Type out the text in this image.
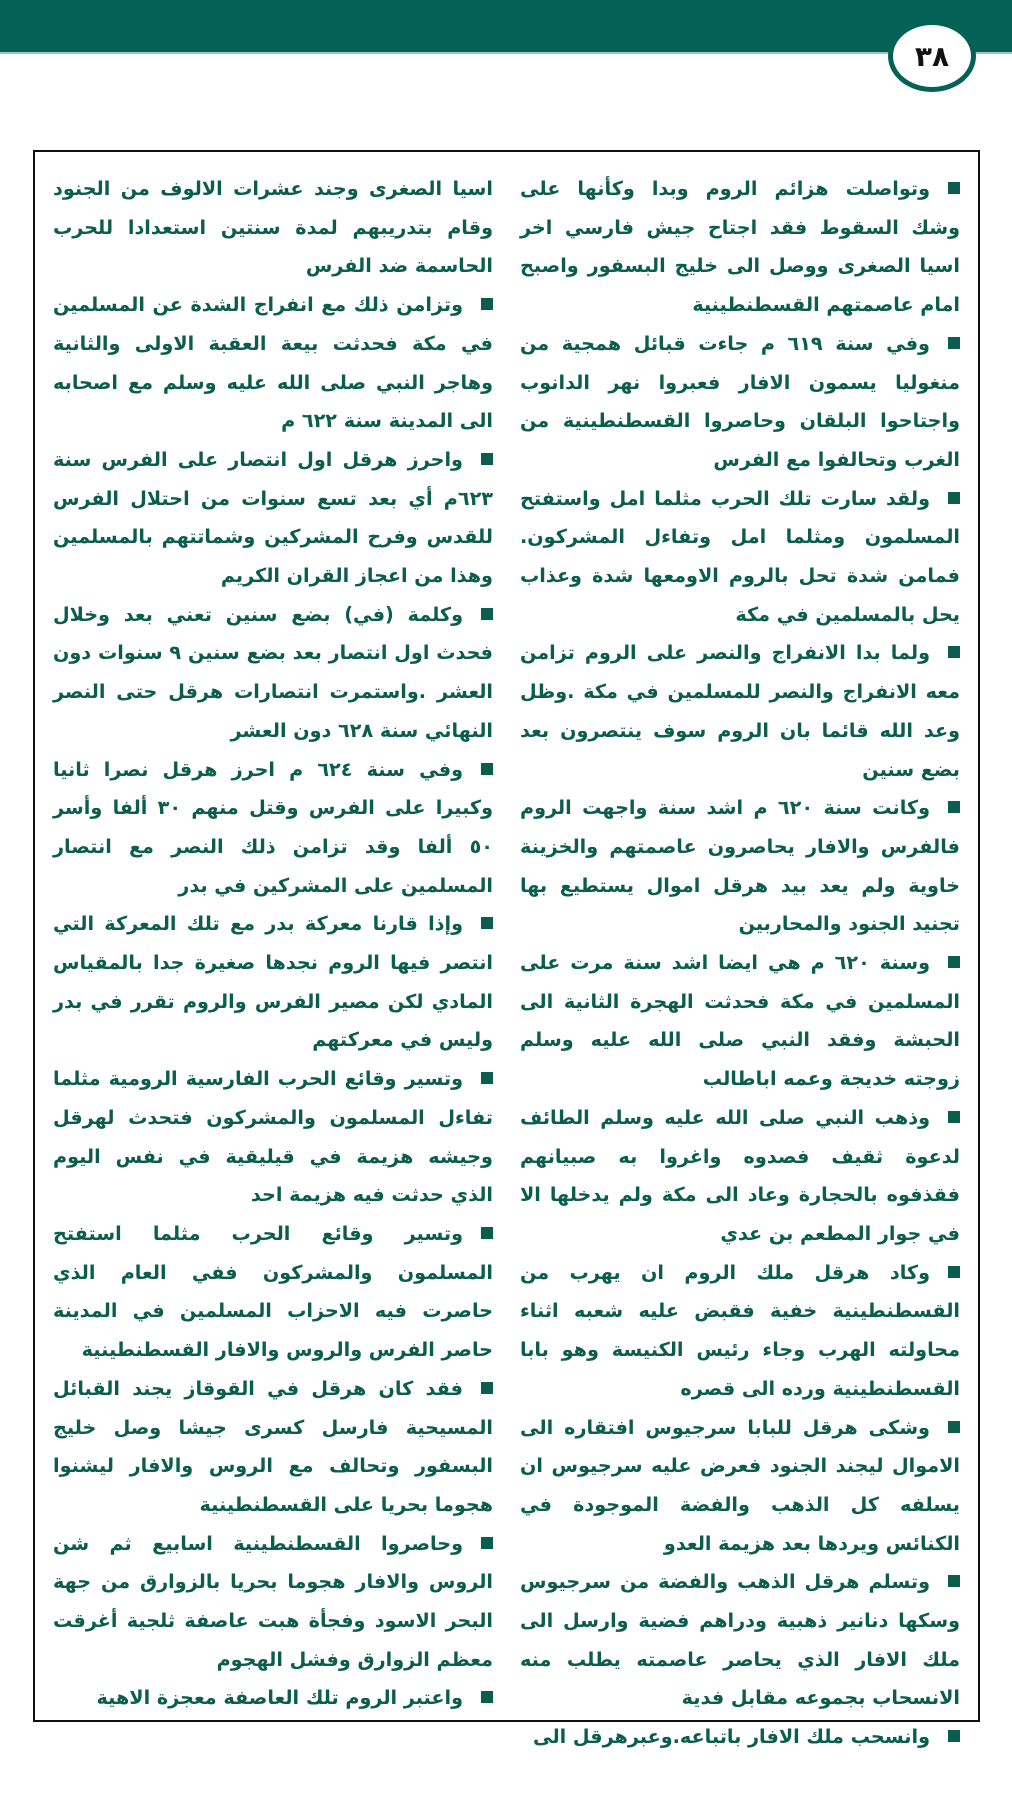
٣٨

وتواصلت هزائم الروم وبدا وكأنها على وشك السقوط فقد اجتاح جيش فارسي اخر اسيا الصغرى ووصل الى خليج البسفور واصبح امام عاصمتهم القسطنطينية

وفي سنة ٦١٩ م جاءت قبائل همجية من منغوليا يسمون الافار فعبروا نهر الدانوب واجتاحوا البلقان وحاصروا القسطنطينية من الغرب وتحالفوا مع الفرس

ولقد سارت تلك الحرب مثلما امل واستفتح المسلمون ومثلما امل وتفاءل المشركون. فمامن شدة تحل بالروم الاومعها شدة وعذاب يحل بالمسلمين في مكة

ولما بدا الانفراج والنصر على الروم تزامن معه الانفراج والنصر للمسلمين في مكة .وظل وعد الله قائما بان الروم سوف ينتصرون بعد بضع سنين

وكانت سنة ٦٢٠ م اشد سنة واجهت الروم فالفرس والافار يحاصرون عاصمتهم والخزينة خاوية ولم يعد بيد هرقل اموال يستطيع بها تجنيد الجنود والمحاربين

وسنة ٦٢٠ م هي ايضا اشد سنة مرت على المسلمين في مكة فحدثت الهجرة الثانية الى الحبشة وفقد النبي صلى الله عليه وسلم زوجته خديجة وعمه اباطالب

وذهب النبي صلى الله عليه وسلم الطائف لدعوة ثقيف فصدوه واغروا به صبيانهم فقذفوه بالحجارة وعاد الى مكة ولم يدخلها الا في جوار المطعم بن عدي

وكاد هرقل ملك الروم ان يهرب من القسطنطينية خفية فقبض عليه شعبه اثناء محاولته الهرب وجاء رئيس الكنيسة وهو بابا القسطنطينية ورده الى قصره

وشكى هرقل للبابا سرجيوس افتقاره الى الاموال ليجند الجنود فعرض عليه سرجيوس ان يسلفه كل الذهب والفضة الموجودة في الكنائس ويردها بعد هزيمة العدو

وتسلم هرقل الذهب والفضة من سرجيوس وسكها دنانير ذهبية ودراهم فضية وارسل الى ملك الافار الذي يحاصر عاصمته يطلب منه الانسحاب بجموعه مقابل فدية

وانسحب ملك الافار باتباعه.وعبرهرقل الى

اسيا الصغرى وجند عشرات الالوف من الجنود وقام بتدريبهم لمدة سنتين استعدادا للحرب الحاسمة ضد الفرس

وتزامن ذلك مع انفراج الشدة عن المسلمين في مكة فحدثت بيعة العقبة الاولى والثانية وهاجر النبي صلى الله عليه وسلم مع اصحابه الى المدينة سنة ٦٢٢ م

واحرز هرقل اول انتصار على الفرس سنة ٦٢٣م أي بعد تسع سنوات من احتلال الفرس للقدس وفرح المشركين وشماتتهم بالمسلمين وهذا من اعجاز القران الكريم

وكلمة (في) بضع سنين تعني بعد وخلال فحدث اول انتصار بعد بضع سنين ٩ سنوات دون العشر .واستمرت انتصارات هرقل حتى النصر النهائي سنة ٦٢٨ دون العشر

وفي سنة ٦٢٤ م احرز هرقل نصرا ثانيا وكبيرا على الفرس وقتل منهم ٣٠ ألفا وأسر ٥٠ ألفا وقد تزامن ذلك النصر مع انتصار المسلمين على المشركين في بدر

وإذا قارنا معركة بدر مع تلك المعركة التي انتصر فيها الروم نجدها صغيرة جدا بالمقياس المادي لكن مصير الفرس والروم تقرر في بدر وليس في معركتهم

وتسير وقائع الحرب الفارسية الرومية مثلما تفاءل المسلمون والمشركون فتحدث لهرقل وجيشه هزيمة في قيليقية في نفس اليوم الذي حدثت فيه هزيمة احد

وتسير وقائع الحرب مثلما استفتح المسلمون والمشركون ففي العام الذي حاصرت فيه الاحزاب المسلمين في المدينة حاصر الفرس والروس والافار القسطنطينية

فقد كان هرقل في القوقاز يجند القبائل المسيحية فارسل كسرى جيشا وصل خليج البسفور وتحالف مع الروس والافار ليشنوا هجوما بحريا على القسطنطينية

وحاصروا القسطنطينية اسابيع ثم شن الروس والافار هجوما بحريا بالزوارق من جهة البحر الاسود وفجأة هبت عاصفة ثلجية أغرقت معظم الزوارق وفشل الهجوم

واعتبر الروم تلك العاصفة معجزة الاهية
